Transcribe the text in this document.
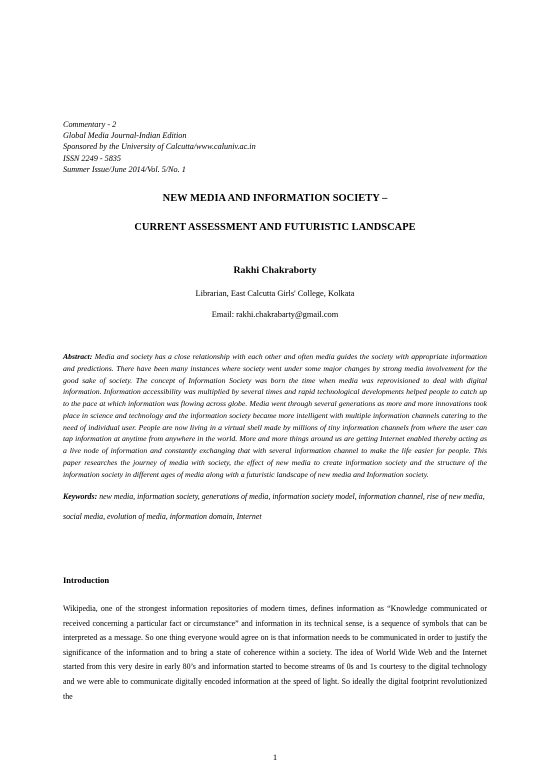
Commentary - 2
Global Media Journal-Indian Edition
Sponsored by the University of Calcutta/www.caluniv.ac.in
ISSN 2249 - 5835
Summer Issue/June 2014/Vol. 5/No. 1
NEW MEDIA AND INFORMATION SOCIETY –
CURRENT ASSESSMENT AND FUTURISTIC LANDSCAPE
Rakhi Chakraborty
Librarian, East Calcutta Girls' College, Kolkata
Email: rakhi.chakrabarty@gmail.com

Abstract: Media and society has a close relationship with each other and often media guides the society with appropriate information and predictions. There have been many instances where society went under some major changes by strong media involvement for the good sake of society. The concept of Information Society was born the time when media was reprovisioned to deal with digital information. Information accessibility was multiplied by several times and rapid technological developments helped people to catch up to the pace at which information was flowing across globe. Media went through several generations as more and more innovations took place in science and technology and the information society became more intelligent with multiple information channels catering to the need of individual user. People are now living in a virtual shell made by millions of tiny information channels from where the user can tap information at anytime from anywhere in the world. More and more things around us are getting Internet enabled thereby acting as a live node of information and constantly exchanging that with several information channel to make the life easier for people. This paper researches the journey of media with society, the effect of new media to create information society and the structure of the information society in different ages of media along with a futuristic landscape of new media and Information society.

Keywords: new media, information society, generations of media, information society model, information channel, rise of new media, social media, evolution of media, information domain, Internet

Introduction

Wikipedia, one of the strongest information repositories of modern times, defines information as “Knowledge communicated or received concerning a particular fact or circumstance” and information in its technical sense, is a sequence of symbols that can be interpreted as a message. So one thing everyone would agree on is that information needs to be communicated in order to justify the significance of the information and to bring a state of coherence within a society. The idea of World Wide Web and the Internet started from this very desire in early 80’s and information started to become streams of 0s and 1s courtesy to the digital technology and we were able to communicate digitally encoded information at the speed of light. So ideally the digital footprint revolutionized the

1
